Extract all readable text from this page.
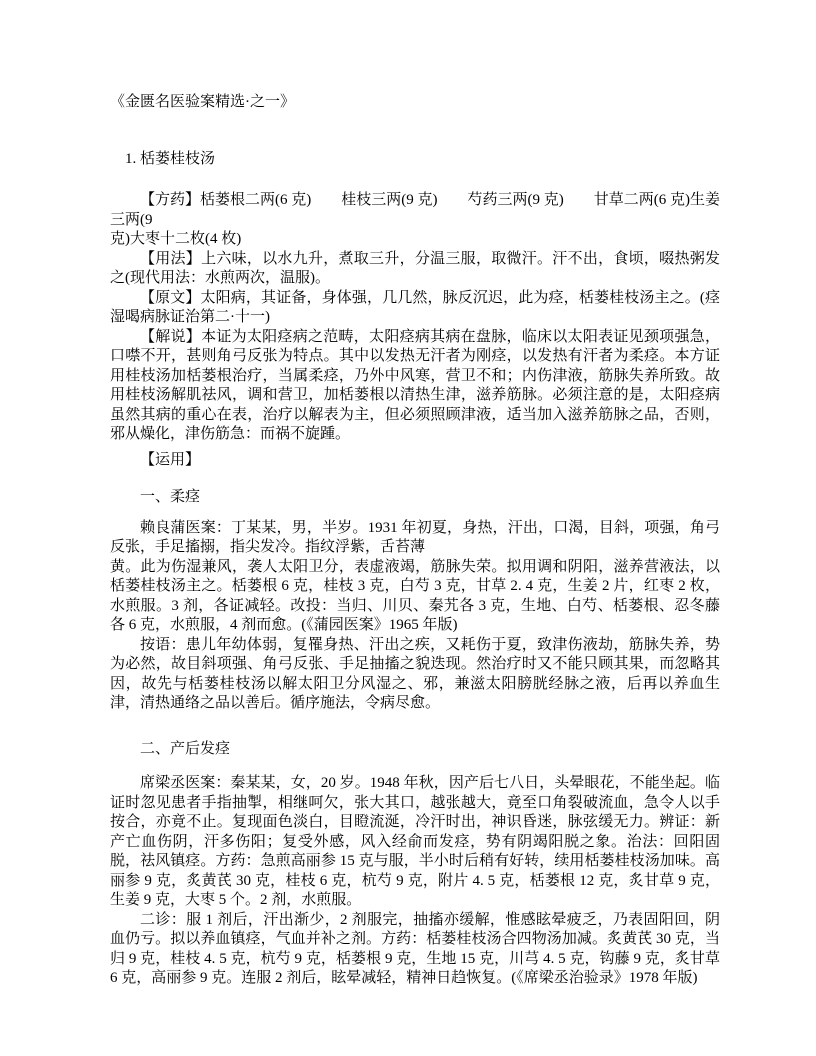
《金匮名医验案精选·之一》

1. 栝蒌桂枝汤

【方药】栝蒌根二两(6 克)　　桂枝三两(9 克)　　芍药三两(9 克)　　甘草二两(6 克)生姜三两(9
克)大枣十二枚(4 枚)

【用法】上六味，以水九升，煮取三升，分温三服，取微汗。汗不出，食顷，啜热粥发之(现代用法：水煎两次，温服)。

【原文】太阳病，其证备，身体强，几几然，脉反沉迟，此为痉，栝蒌桂枝汤主之。(痉湿喝病脉证治第二·十一)

【解说】本证为太阳痉病之范畴，太阳痉病其病在盘脉，临床以太阳表证见颈项强急，口噤不开，甚则角弓反张为特点。其中以发热无汗者为刚痉，以发热有汗者为柔痉。本方证用桂枝汤加栝蒌根治疗，当属柔痉，乃外中风寒，营卫不和；内伤津液，筋脉失养所致。故用桂枝汤解肌祛风，调和营卫，加栝蒌根以清热生津，滋养筋脉。必须注意的是，太阳痉病虽然其病的重心在表，治疗以解表为主，但必须照顾津液，适当加入滋养筋脉之品，否则，邪从燥化，津伤筋急：而祸不旋踵。

【运用】

一、柔痉

赖良蒲医案：丁某某，男，半岁。1931 年初夏，身热，汗出，口渴，目斜，项强，角弓反张，手足搐搦，指尖发冷。指纹浮紫，舌苔薄
黄。此为伤湿兼风，袭人太阳卫分，表虚液竭，筋脉失荣。拟用调和阴阳，滋养营液法，以栝蒌桂枝汤主之。栝蒌根 6 克，桂枝 3 克，白芍 3 克，甘草 2. 4 克，生姜 2 片，红枣 2 枚，水煎服。3 剂，各证减轻。改投：当归、川贝、秦艽各 3 克，生地、白芍、栝蒌根、忍冬藤各 6 克，水煎服，4 剂而愈。(《蒲园医案》1965 年版)

按语：患儿年幼体弱，复罹身热、汗出之疾，又耗伤于夏，致津伤液劫，筋脉失养，势为必然，故目斜项强、角弓反张、手足抽搐之貌迭现。然治疗时又不能只顾其果，而忽略其因，故先与栝蒌桂枝汤以解太阳卫分风湿之、邪，兼滋太阳膀胱经脉之液，后再以养血生津，清热通络之品以善后。循序施法，令病尽愈。

二、产后发痉

席梁丞医案：秦某某，女，20 岁。1948 年秋，因产后七八日，头晕眼花，不能坐起。临证时忽见患者手指抽掣，相继呵欠，张大其口，越张越大，竟至口角裂破流血，急令人以手按合，亦竟不止。复现面色淡白，目瞪流涎，冷汗时出，神识昏迷，脉弦缓无力。辨证：新产亡血伤阴，汗多伤阳；复受外感，风入经俞而发痉，势有阴竭阳脱之象。治法：回阳固脱，祛风镇痉。方药：急煎高丽参 15 克与服，半小时后稍有好转，续用栝蒌桂枝汤加味。高丽参 9 克，炙黄芪 30 克，桂枝 6 克，杭芍 9 克，附片 4. 5 克，栝蒌根 12 克，炙甘草 9 克，生姜 9 克，大枣 5 个。2 剂，水煎服。

二诊：服 1 剂后，汗出渐少，2 剂服完，抽搐亦缓解，惟感眩晕疲乏，乃表固阳回，阴血仍亏。拟以养血镇痉，气血并补之剂。方药：栝蒌桂枝汤合四物汤加减。炙黄芪 30 克，当归 9 克，桂枝 4. 5 克，杭芍 9 克，栝蒌根 9 克，生地 15 克，川芎 4. 5 克，钩藤 9 克，炙甘草 6 克，高丽参 9 克。连服 2 剂后，眩晕减轻，精神日趋恢复。(《席梁丞治验录》1978 年版)
